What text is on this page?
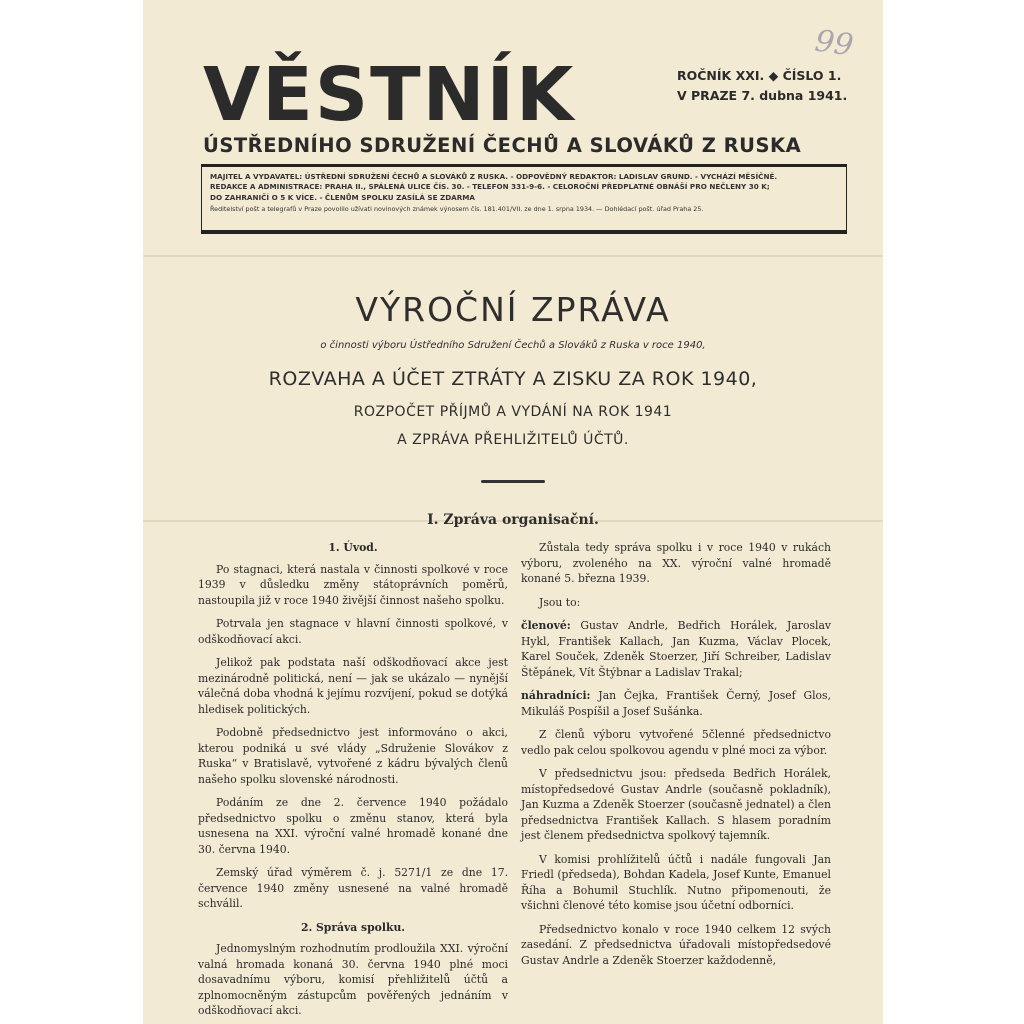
99
VĚSTNÍK	ROČNÍK XXI. ◆ ČÍSLO 1.
V PRAZE 7. dubna 1941.
ÚSTŘEDNÍHO SDRUŽENÍ ČECHŮ A SLOVÁKŮ Z RUSKA
MAJITEL A VYDAVATEL: ÚSTŘEDNÍ SDRUŽENÍ ČECHŮ A SLOVÁKŮ Z RUSKA. - ODPOVĚDNÝ REDAKTOR: LADISLAV GRUND. - VYCHÁZÍ MĚSÍČNĚ.
REDAKCE A ADMINISTRACE: PRAHA II., SPÁLENÁ ULICE ČÍS. 30. - TELEFON 331-9-6. - CELOROČNÍ PŘEDPLATNÉ OBNÁŠÍ PRO NEČLENY 30 K;
DO ZAHRANIČÍ O 5 K VÍCE. - ČLENŮM SPOLKU ZASÍLÁ SE ZDARMA
Ředitelství pošt a telegrafů v Praze povolilo užívati novinových známek výnosem čís. 181.401/VII. ze dne 1. srpna 1934. — Dohlédací pošt. úřad Praha 25.
VÝROČNÍ ZPRÁVA
o činnosti výboru Ústředního Sdružení Čechů a Slováků z Ruska v roce 1940,
ROZVAHA A ÚČET ZTRÁTY A ZISKU ZA ROK 1940,
ROZPOČET PŘÍJMŮ A VYDÁNÍ NA ROK 1941
A ZPRÁVA PŘEHLIŽITELŮ ÚČTŮ.
I. Zpráva organisační.

1. Úvod.

Po stagnaci, která nastala v činnosti spolkové v roce 1939 v důsledku změny státoprávních poměrů, nastoupila již v roce 1940 živější činnost našeho spolku.

Potrvala jen stagnace v hlavní činnosti spolkové, v odškodňovací akci.

Jelikož pak podstata naší odškodňovací akce jest mezinárodně politická, není — jak se ukázalo — nynější válečná doba vhodná k jejímu rozvíjení, pokud se dotýká hledisek politických.

Podobně předsednictvo jest informováno o akci, kterou podniká u své vlády „Sdruženie Slovákov z Ruska“ v Bratislavě, vytvořené z kádru bývalých členů našeho spolku slovenské národnosti.

Podáním ze dne 2. července 1940 požádalo předsednictvo spolku o změnu stanov, která byla usnesena na XXI. výroční valné hromadě konané dne 30. června 1940.

Zemský úřad výměrem č. j. 5271/1 ze dne 17. července 1940 změny usnesené na valné hromadě schválil.

2. Správa spolku.

Jednomyslným rozhodnutím prodloužila XXI. výroční valná hromada konaná 30. června 1940 plné moci dosavadnímu výboru, komisí přehližitelů účtů a zplnomocněným zástupcům pověřených jednáním v odškodňovací akci.

Zůstala tedy správa spolku i v roce 1940 v rukách výboru, zvoleného na XX. výroční valné hromadě konané 5. března 1939.

Jsou to:

členové: Gustav Andrle, Bedřich Horálek, Jaroslav Hykl, František Kallach, Jan Kuzma, Václav Plocek, Karel Souček, Zdeněk Stoerzer, Jiří Schreiber, Ladislav Štěpánek, Vít Štýbnar a Ladislav Trakal;

náhradníci: Jan Čejka, František Černý, Josef Glos, Mikuláš Pospíšil a Josef Sušánka.

Z členů výboru vytvořené 5členné předsednictvo vedlo pak celou spolkovou agendu v plné moci za výbor.

V předsednictvu jsou: předseda Bedřich Horálek, místopředsedové Gustav Andrle (současně pokladník), Jan Kuzma a Zdeněk Stoerzer (současně jednatel) a člen předsednictva František Kallach. S hlasem poradním jest členem předsednictva spolkový tajemník.

V komisi prohlížitelů účtů i nadále fungovali Jan Friedl (předseda), Bohdan Kadela, Josef Kunte, Emanuel Říha a Bohumil Stuchlík. Nutno připomenouti, že všichni členové této komise jsou účetní odborníci.

Předsednictvo konalo v roce 1940 celkem 12 svých zasedání. Z předsednictva úřadovali místopředsedové Gustav Andrle a Zdeněk Stoerzer každodenně,
